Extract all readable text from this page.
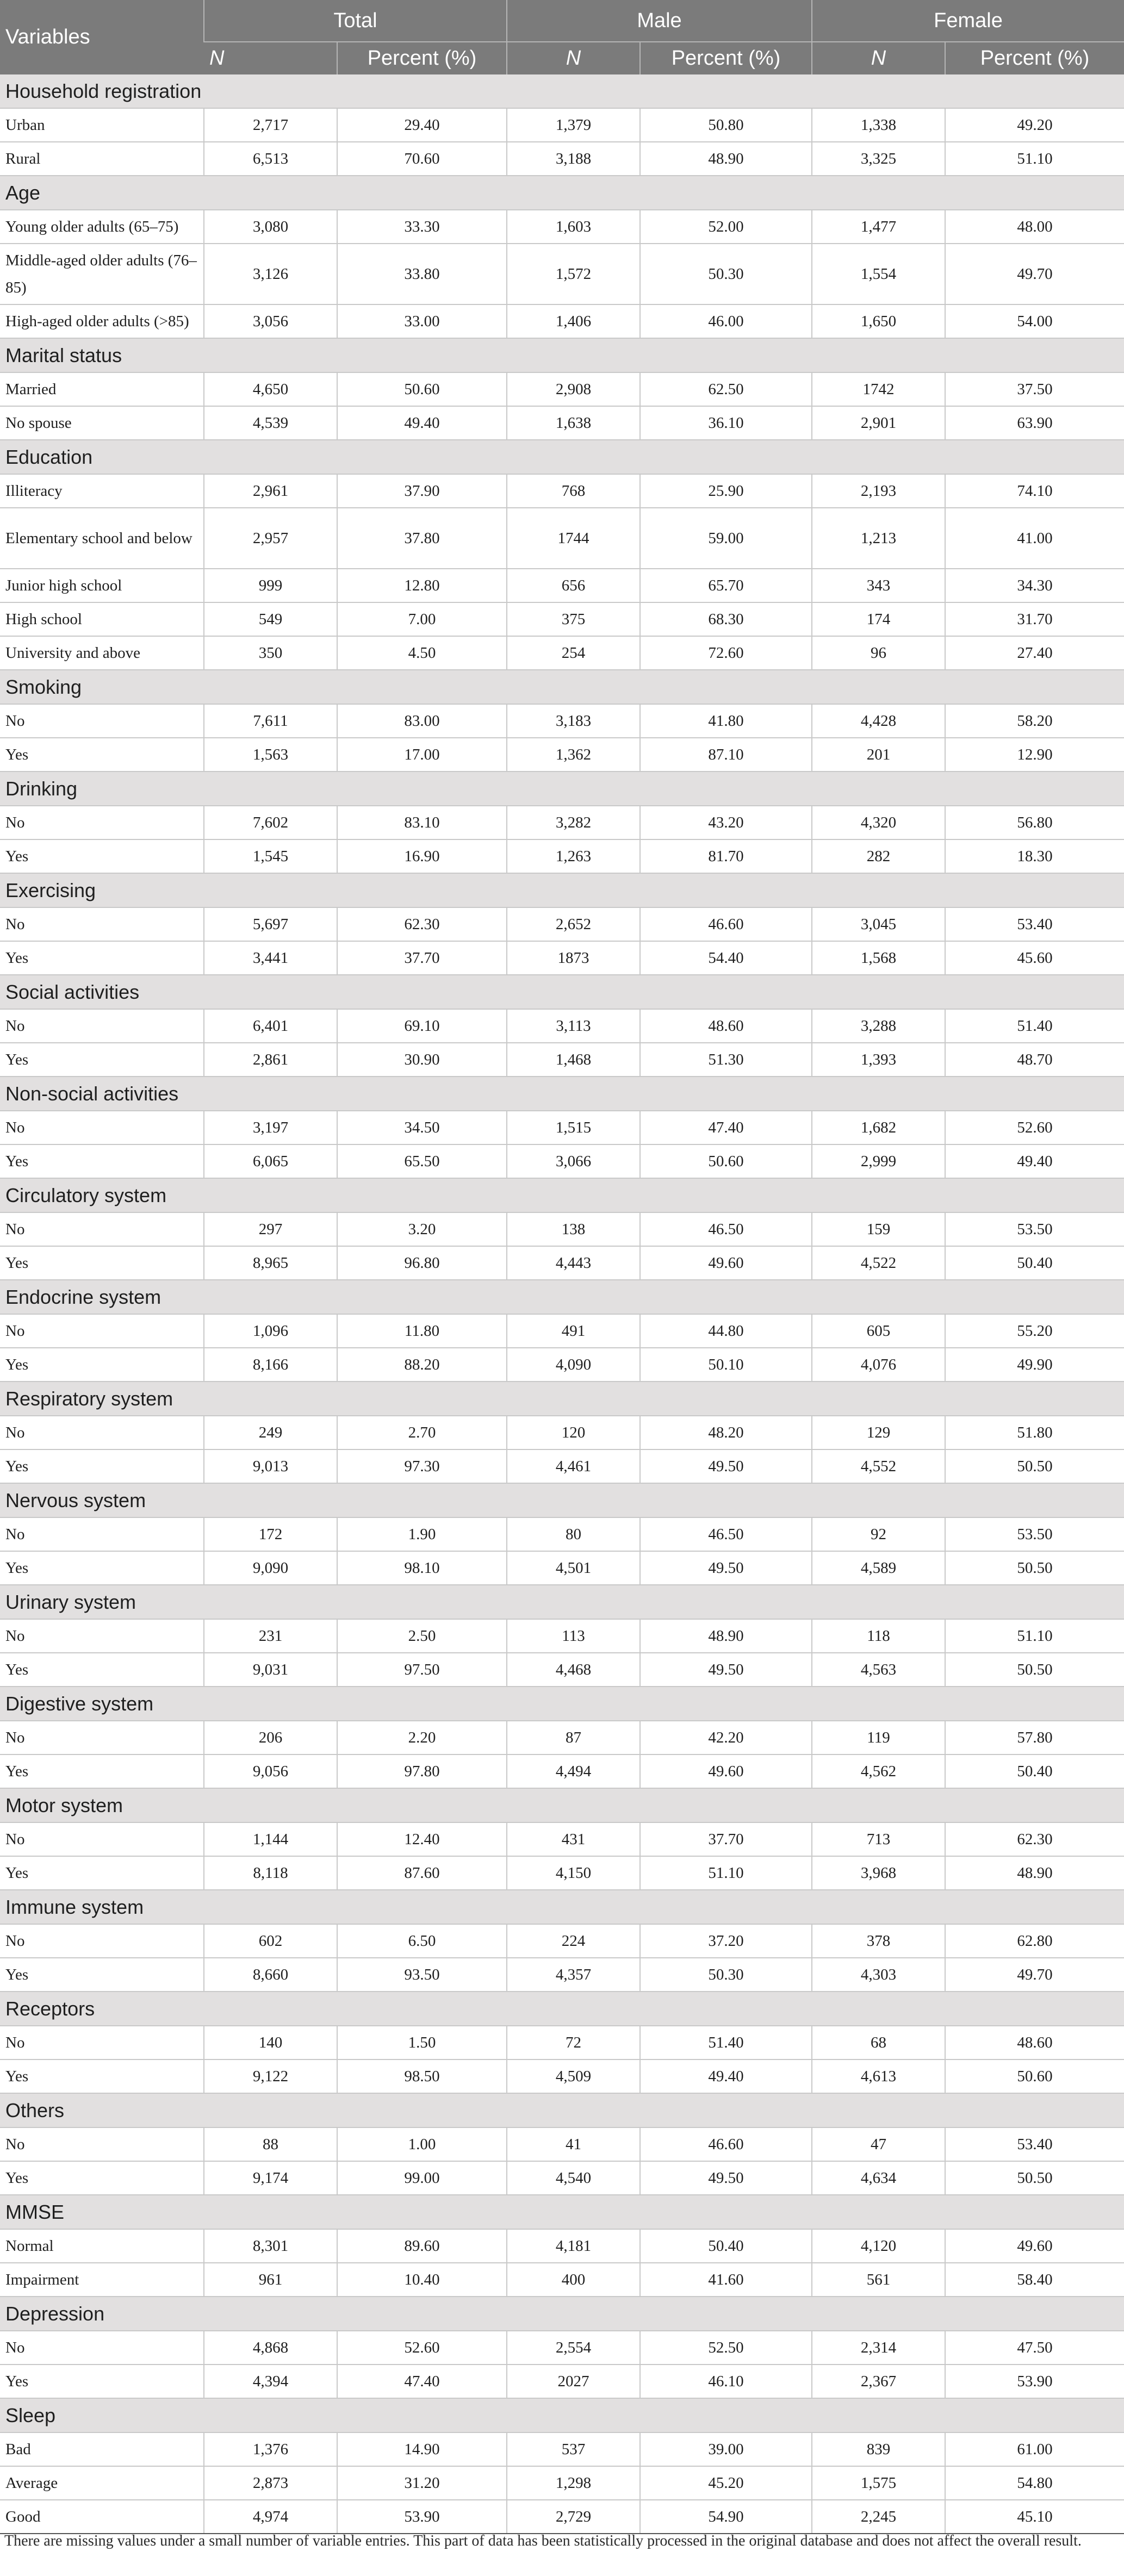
Variables	Total		Male		Female	
	N	Percent (%)	N	Percent (%)	N	Percent (%)
Household registration						
Urban	2,717	29.40	1,379	50.80	1,338	49.20
Rural	6,513	70.60	3,188	48.90	3,325	51.10
Age						
Young older adults (65–75)	3,080	33.30	1,603	52.00	1,477	48.00
Middle-aged older adults (76–85)	3,126	33.80	1,572	50.30	1,554	49.70
High-aged older adults (>85)	3,056	33.00	1,406	46.00	1,650	54.00
Marital status						
Married	4,650	50.60	2,908	62.50	1742	37.50
No spouse	4,539	49.40	1,638	36.10	2,901	63.90
Education						
Illiteracy	2,961	37.90	768	25.90	2,193	74.10
Elementary school and below	2,957	37.80	1744	59.00	1,213	41.00
Junior high school	999	12.80	656	65.70	343	34.30
High school	549	7.00	375	68.30	174	31.70
University and above	350	4.50	254	72.60	96	27.40
Smoking						
No	7,611	83.00	3,183	41.80	4,428	58.20
Yes	1,563	17.00	1,362	87.10	201	12.90
Drinking						
No	7,602	83.10	3,282	43.20	4,320	56.80
Yes	1,545	16.90	1,263	81.70	282	18.30
Exercising						
No	5,697	62.30	2,652	46.60	3,045	53.40
Yes	3,441	37.70	1873	54.40	1,568	45.60
Social activities						
No	6,401	69.10	3,113	48.60	3,288	51.40
Yes	2,861	30.90	1,468	51.30	1,393	48.70
Non-social activities						
No	3,197	34.50	1,515	47.40	1,682	52.60
Yes	6,065	65.50	3,066	50.60	2,999	49.40
Circulatory system						
No	297	3.20	138	46.50	159	53.50
Yes	8,965	96.80	4,443	49.60	4,522	50.40
Endocrine system						
No	1,096	11.80	491	44.80	605	55.20
Yes	8,166	88.20	4,090	50.10	4,076	49.90
Respiratory system						
No	249	2.70	120	48.20	129	51.80
Yes	9,013	97.30	4,461	49.50	4,552	50.50
Nervous system						
No	172	1.90	80	46.50	92	53.50
Yes	9,090	98.10	4,501	49.50	4,589	50.50
Urinary system						
No	231	2.50	113	48.90	118	51.10
Yes	9,031	97.50	4,468	49.50	4,563	50.50
Digestive system						
No	206	2.20	87	42.20	119	57.80
Yes	9,056	97.80	4,494	49.60	4,562	50.40
Motor system						
No	1,144	12.40	431	37.70	713	62.30
Yes	8,118	87.60	4,150	51.10	3,968	48.90
Immune system						
No	602	6.50	224	37.20	378	62.80
Yes	8,660	93.50	4,357	50.30	4,303	49.70
Receptors						
No	140	1.50	72	51.40	68	48.60
Yes	9,122	98.50	4,509	49.40	4,613	50.60
Others						
No	88	1.00	41	46.60	47	53.40
Yes	9,174	99.00	4,540	49.50	4,634	50.50
MMSE						
Normal	8,301	89.60	4,181	50.40	4,120	49.60
Impairment	961	10.40	400	41.60	561	58.40
Depression						
No	4,868	52.60	2,554	52.50	2,314	47.50
Yes	4,394	47.40	2027	46.10	2,367	53.90
Sleep						
Bad	1,376	14.90	537	39.00	839	61.00
Average	2,873	31.20	1,298	45.20	1,575	54.80
Good	4,974	53.90	2,729	54.90	2,245	45.10
There are missing values under a small number of variable entries. This part of data has been statistically processed in the original database and does not affect the overall result.
